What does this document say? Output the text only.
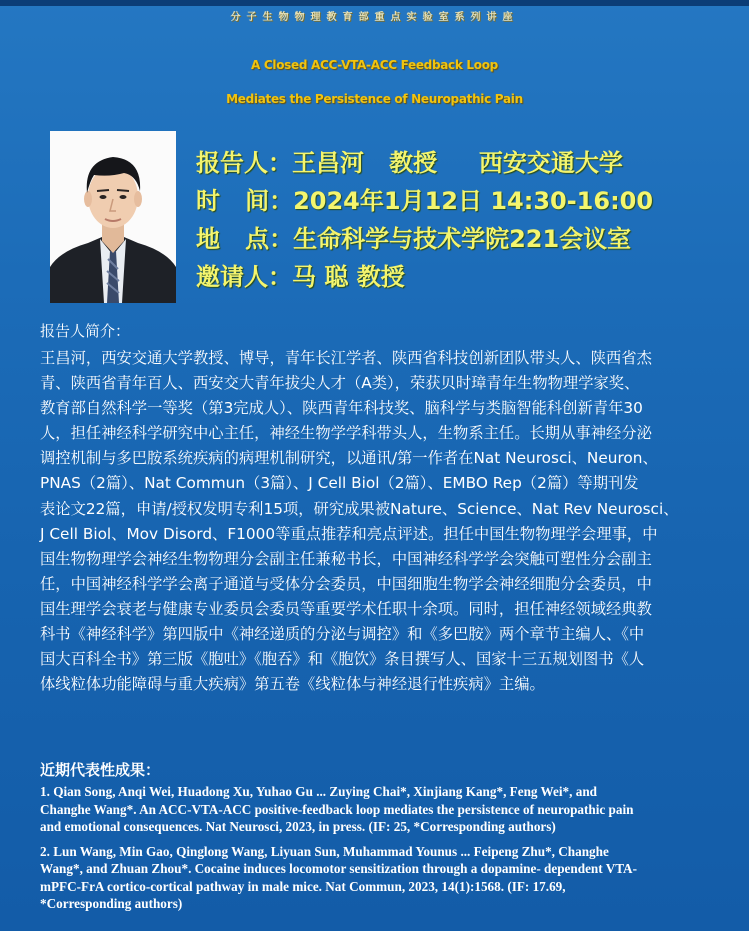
分子生物物理教育部重点实验室系列讲座
A Closed ACC-VTA-ACC Feedback Loop
Mediates the Persistence of Neuropathic Pain
报告人：王昌河   教授     西安交通大学
时   间：2024年1月12日 14:30-16:00
地   点：生命科学与技术学院221会议室
邀请人：马 聪 教授
报告人简介：
王昌河，西安交通大学教授、博导，青年长江学者、陕西省科技创新团队带头人、陕西省杰
青、陕西省青年百人、西安交大青年拔尖人才（A类），荣获贝时璋青年生物物理学家奖、
教育部自然科学一等奖（第3完成人）、陕西青年科技奖、脑科学与类脑智能科创新青年30
人，担任神经科学研究中心主任，神经生物学学科带头人，生物系主任。长期从事神经分泌
调控机制与多巴胺系统疾病的病理机制研究，以通讯/第一作者在Nat Neurosci、Neuron、
PNAS（2篇）、Nat Commun（3篇）、J Cell Biol（2篇）、EMBO Rep（2篇）等期刊发
表论文22篇，申请/授权发明专利15项，研究成果被Nature、Science、Nat Rev Neurosci、
J Cell Biol、Mov Disord、F1000等重点推荐和亮点评述。担任中国生物物理学会理事，中
国生物物理学会神经生物物理分会副主任兼秘书长，中国神经科学学会突触可塑性分会副主
任，中国神经科学学会离子通道与受体分会委员，中国细胞生物学会神经细胞分会委员，中
国生理学会衰老与健康专业委员会委员等重要学术任职十余项。同时，担任神经领域经典教
科书《神经科学》第四版中《神经递质的分泌与调控》和《多巴胺》两个章节主编人、《中
国大百科全书》第三版《胞吐》《胞吞》和《胞饮》条目撰写人、国家十三五规划图书《人
体线粒体功能障碍与重大疾病》第五卷《线粒体与神经退行性疾病》主编。
近期代表性成果：
1. Qian Song, Anqi Wei, Huadong Xu, Yuhao Gu ... Zuying Chai*, Xinjiang Kang*, Feng Wei*, and
Changhe Wang*. An ACC-VTA-ACC positive-feedback loop mediates the persistence of neuropathic pain
and emotional consequences. Nat Neurosci, 2023, in press. (IF: 25, *Corresponding authors)
2. Lun Wang, Min Gao, Qinglong Wang, Liyuan Sun, Muhammad Younus ... Feipeng Zhu*, Changhe
Wang*, and Zhuan Zhou*. Cocaine induces locomotor sensitization through a dopamine- dependent VTA-
mPFC-FrA cortico-cortical pathway in male mice. Nat Commun, 2023, 14(1):1568. (IF: 17.69,
*Corresponding authors)
